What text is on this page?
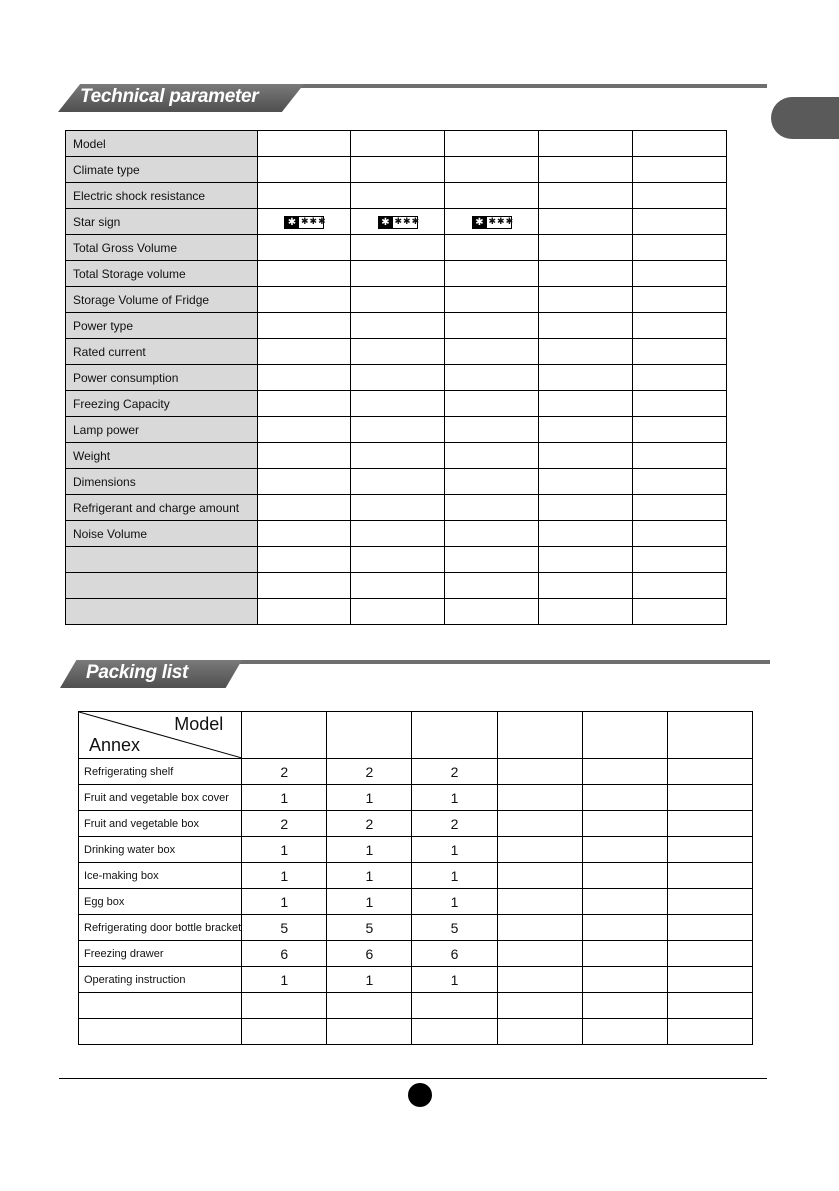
Technical parameter
Model					
Climate type					
Electric shock resistance					
Star sign	✱ ✱✱✱	✱ ✱✱✱	✱ ✱✱✱		

Total Gross Volume					
Total Storage volume					
Storage Volume of Fridge					
Power type					
Rated current					
Power consumption					
Freezing Capacity					
Lamp power					
Weight					
Dimensions					
Refrigerant and charge amount					
Noise Volume					

Packing list
Model
Annex						

Refrigerating shelf	2	2	2			
Fruit and vegetable box cover	1	1	1			
Fruit and vegetable box	2	2	2			
Drinking water box	1	1	1			
Ice-making box	1	1	1			
Egg box	1	1	1			
Refrigerating door bottle bracket	5	5	5			
Freezing drawer	6	6	6			
Operating instruction	1	1	1			
